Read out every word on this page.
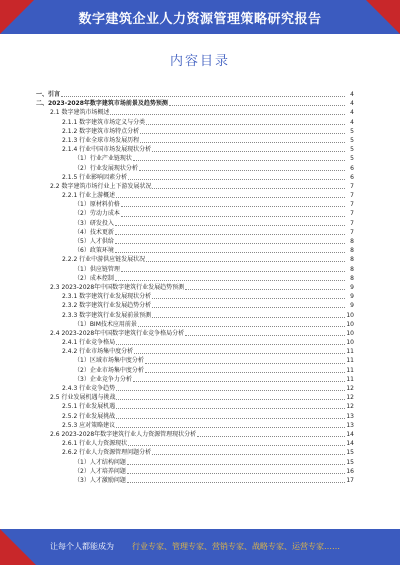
数字建筑企业人力资源管理策略研究报告
内容目录
一、引言	4
二、2023-2028年数字建筑市场前景及趋势预测	4
2.1 数字建筑市场概述	4
2.1.1 数字建筑市场定义与分类	4
2.1.2 数字建筑市场特点分析	5
2.1.3 行业全球市场发展历程	5
2.1.4 行业中国市场发展现状分析	5
（1）行业产业链现状	5
（2）行业发展现状分析	6
2.1.5 行业影响因素分析	6
2.2 数字建筑市场行业上下游发展状况	7
2.2.1 行业上游概述	7
（1）原材料价格	7
（2）劳动力成本	7
（3）研发投入	7
（4）技术更新	7
（5）人才供给	8
（6）政策环境	8
2.2.2 行业中游供应链发展状况	8
（1）供应链管理	8
（2）成本控制	8
2.3 2023-2028年中国数字建筑行业发展趋势预测	9
2.3.1 数字建筑行业发展现状分析	9
2.3.2 数字建筑行业发展趋势分析	9
2.3.3 数字建筑行业发展前景预测	10
（1）BIM技术应用前景	10
2.4 2023-2028年中国数字建筑行业竞争格局分析	10
2.4.1 行业竞争格局	10
2.4.2 行业市场集中度分析	11
（1）区域市场集中度分析	11
（2）企业市场集中度分析	11
（3）企业竞争力分析	11
2.4.3 行业竞争趋势	12
2.5 行业发展机遇与挑战	12
2.5.1 行业发展机遇	12
2.5.2 行业发展挑战	13
2.5.3 应对策略建议	13
2.6 2023-2028年数字建筑行业人力资源管理现状分析	14
2.6.1 行业人力资源现状	14
2.6.2 行业人力资源管理问题分析	15
（1）人才结构问题	15
（2）人才培养问题	16
（3）人才激励问题	17
让每个人都能成为 行业专家、管理专家、营销专家、战略专家、运营专家……
